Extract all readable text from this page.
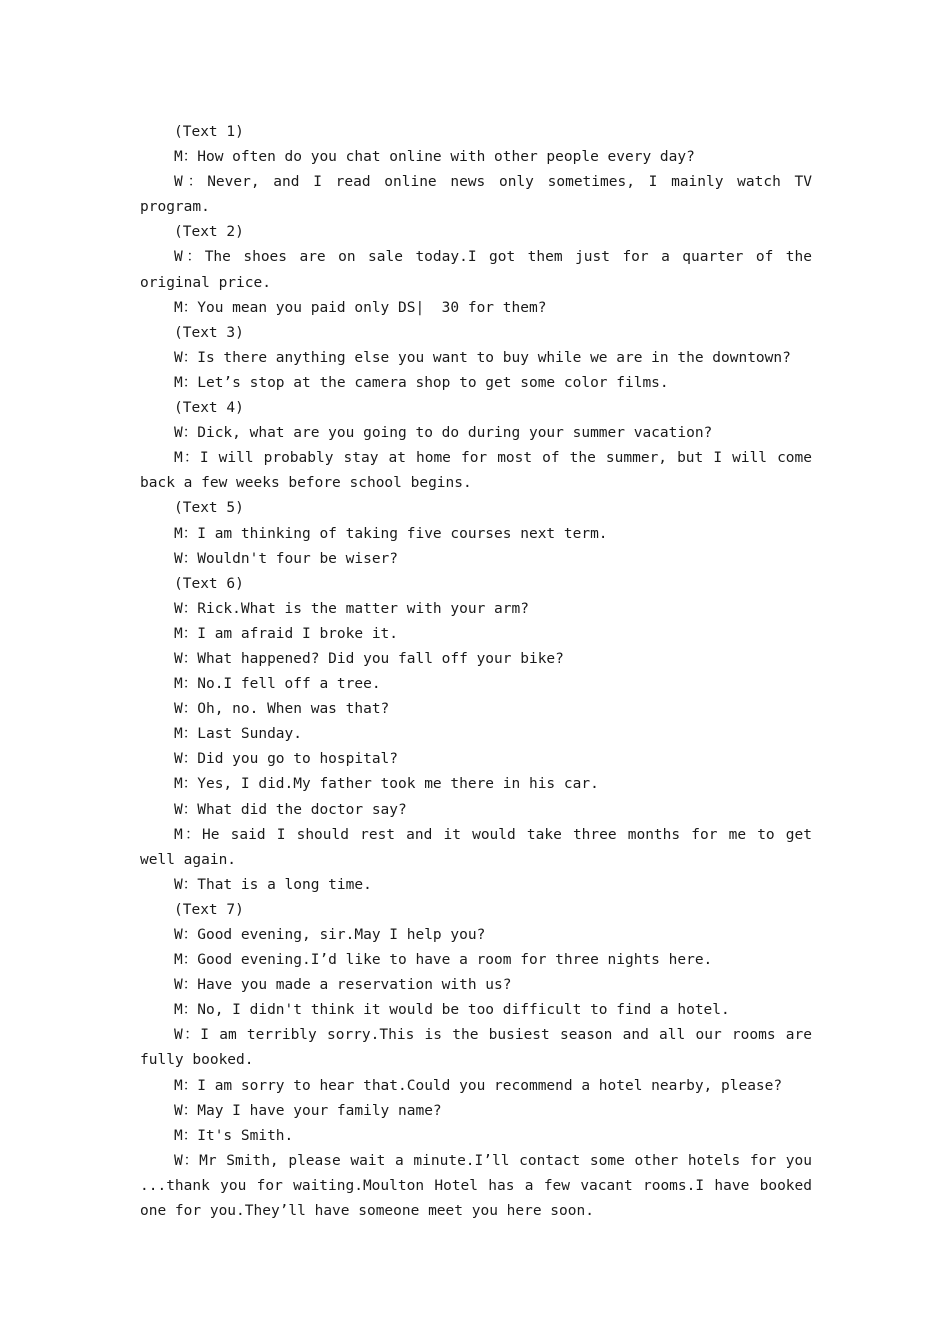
(Text 1)

M：How often do you chat online with other people every day?

W：Never, and I read online news only sometimes, I mainly watch TV program.

(Text 2)

W：The shoes are on sale today.I got them just for a quarter of the original price.

M：You mean you paid only DS|  30 for them?

(Text 3)

W：Is there anything else you want to buy while we are in the downtown?

M：Let’s stop at the camera shop to get some color films.

(Text 4)

W：Dick, what are you going to do during your summer vacation?

M：I will probably stay at home for most of the summer, but I will come back a few weeks before school begins.

(Text 5)

M：I am thinking of taking five courses next term.

W：Wouldn't four be wiser?

(Text 6)

W：Rick.What is the matter with your arm?

M：I am afraid I broke it.

W：What happened? Did you fall off your bike?

M：No.I fell off a tree.

W：Oh, no. When was that?

M：Last Sunday.

W：Did you go to hospital?

M：Yes, I did.My father took me there in his car.

W：What did the doctor say?

M：He said I should rest and it would take three months for me to get well again.

W：That is a long time.

(Text 7)

W：Good evening, sir.May I help you?

M：Good evening.I’d like to have a room for three nights here.

W：Have you made a reservation with us?

M：No, I didn't think it would be too difficult to find a hotel.

W：I am terribly sorry.This is the busiest season and all our rooms are fully booked.

M：I am sorry to hear that.Could you recommend a hotel nearby, please?

W：May I have your family name?

M：It's Smith.

W：Mr Smith, please wait a minute.I’ll contact some other hotels for you ...thank you for waiting.Moulton Hotel has a few vacant rooms.I have booked one for you.They’ll have someone meet you here soon.
